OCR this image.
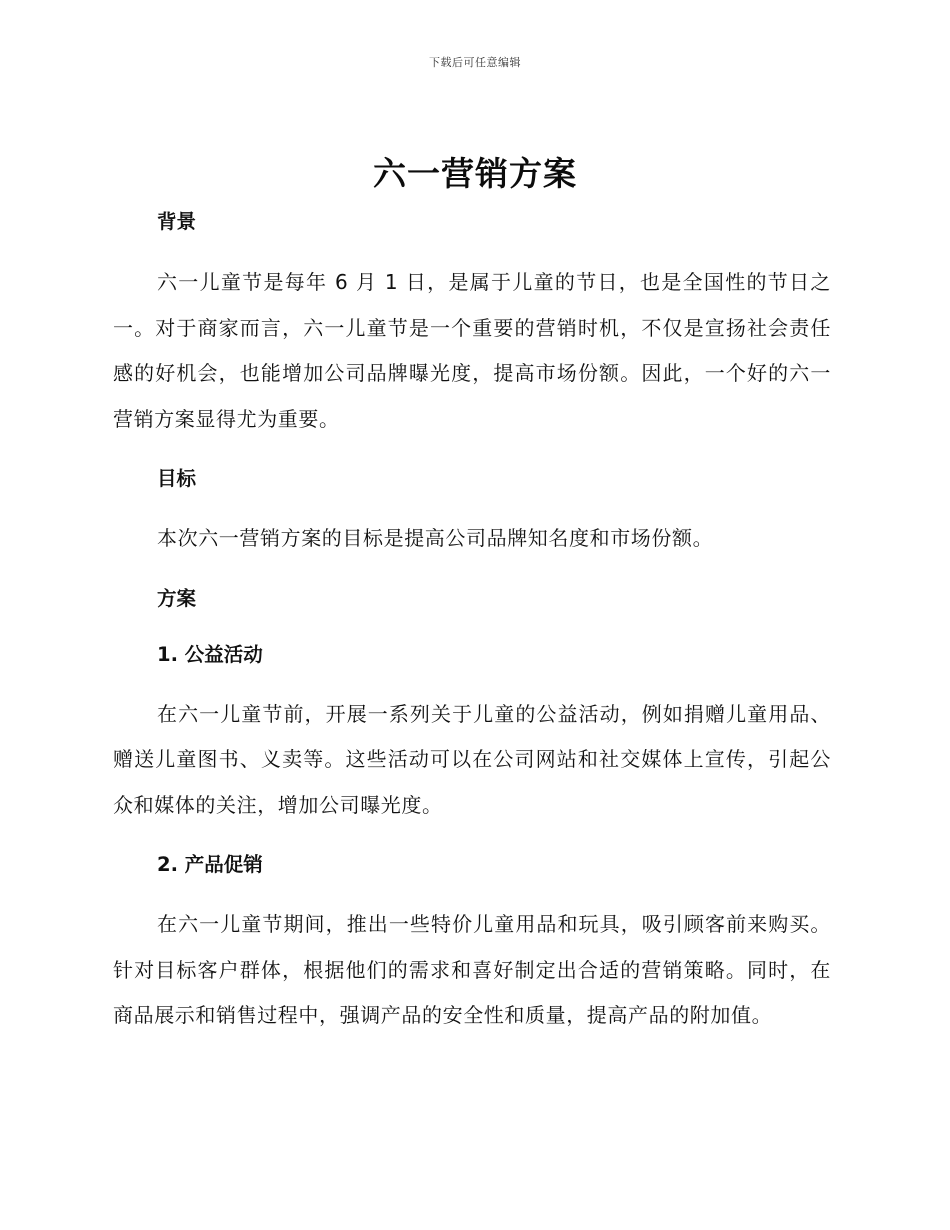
下载后可任意编辑
六一营销方案
背景

六一儿童节是每年 6 月 1 日，是属于儿童的节日，也是全国性的节日之一。对于商家而言，六一儿童节是一个重要的营销时机，不仅是宣扬社会责任感的好机会，也能增加公司品牌曝光度，提高市场份额。因此，一个好的六一营销方案显得尤为重要。

目标

本次六一营销方案的目标是提高公司品牌知名度和市场份额。

方案
1. 公益活动

在六一儿童节前，开展一系列关于儿童的公益活动，例如捐赠儿童用品、赠送儿童图书、义卖等。这些活动可以在公司网站和社交媒体上宣传，引起公众和媒体的关注，增加公司曝光度。

2. 产品促销

在六一儿童节期间，推出一些特价儿童用品和玩具，吸引顾客前来购买。针对目标客户群体，根据他们的需求和喜好制定出合适的营销策略。同时，在商品展示和销售过程中，强调产品的安全性和质量，提高产品的附加值。
